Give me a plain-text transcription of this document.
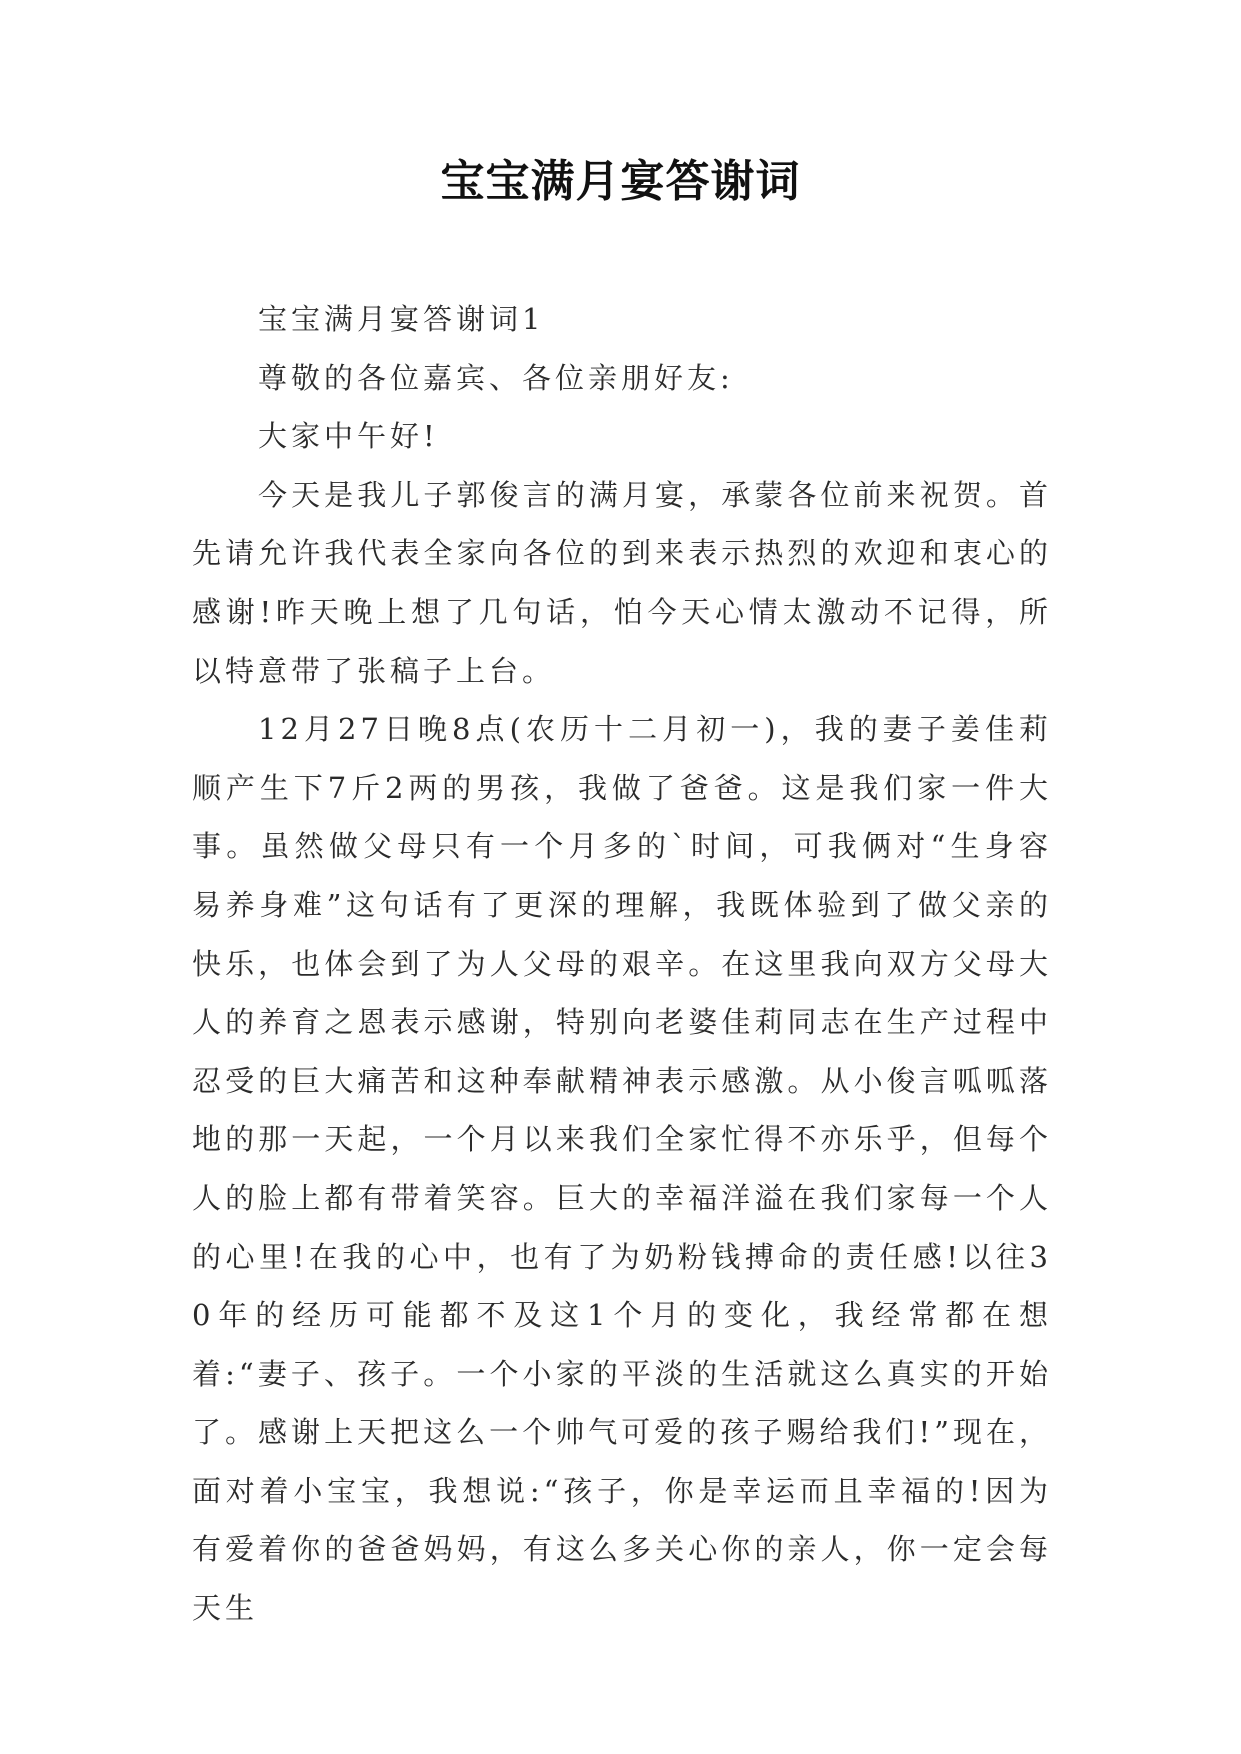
宝宝满月宴答谢词

宝宝满月宴答谢词1

尊敬的各位嘉宾、各位亲朋好友:

大家中午好!

今天是我儿子郭俊言的满月宴，承蒙各位前来祝贺。首先请允许我代表全家向各位的到来表示热烈的欢迎和衷心的感谢!昨天晚上想了几句话，怕今天心情太激动不记得，所以特意带了张稿子上台。

12月27日晚8点(农历十二月初一)，我的妻子姜佳莉顺产生下7斤2两的男孩，我做了爸爸。这是我们家一件大事。虽然做父母只有一个月多的`时间，可我俩对“生身容易养身难”这句话有了更深的理解，我既体验到了做父亲的快乐，也体会到了为人父母的艰辛。在这里我向双方父母大人的养育之恩表示感谢，特别向老婆佳莉同志在生产过程中忍受的巨大痛苦和这种奉献精神表示感激。从小俊言呱呱落地的那一天起，一个月以来我们全家忙得不亦乐乎，但每个人的脸上都有带着笑容。巨大的幸福洋溢在我们家每一个人的心里!在我的心中，也有了为奶粉钱搏命的责任感!以往30年的经历可能都不及这1个月的变化，我经常都在想着:“妻子、孩子。一个小家的平淡的生活就这么真实的开始了。感谢上天把这么一个帅气可爱的孩子赐给我们!”现在，面对着小宝宝，我想说:“孩子，你是幸运而且幸福的!因为有爱着你的爸爸妈妈，有这么多关心你的亲人，你一定会每天生
